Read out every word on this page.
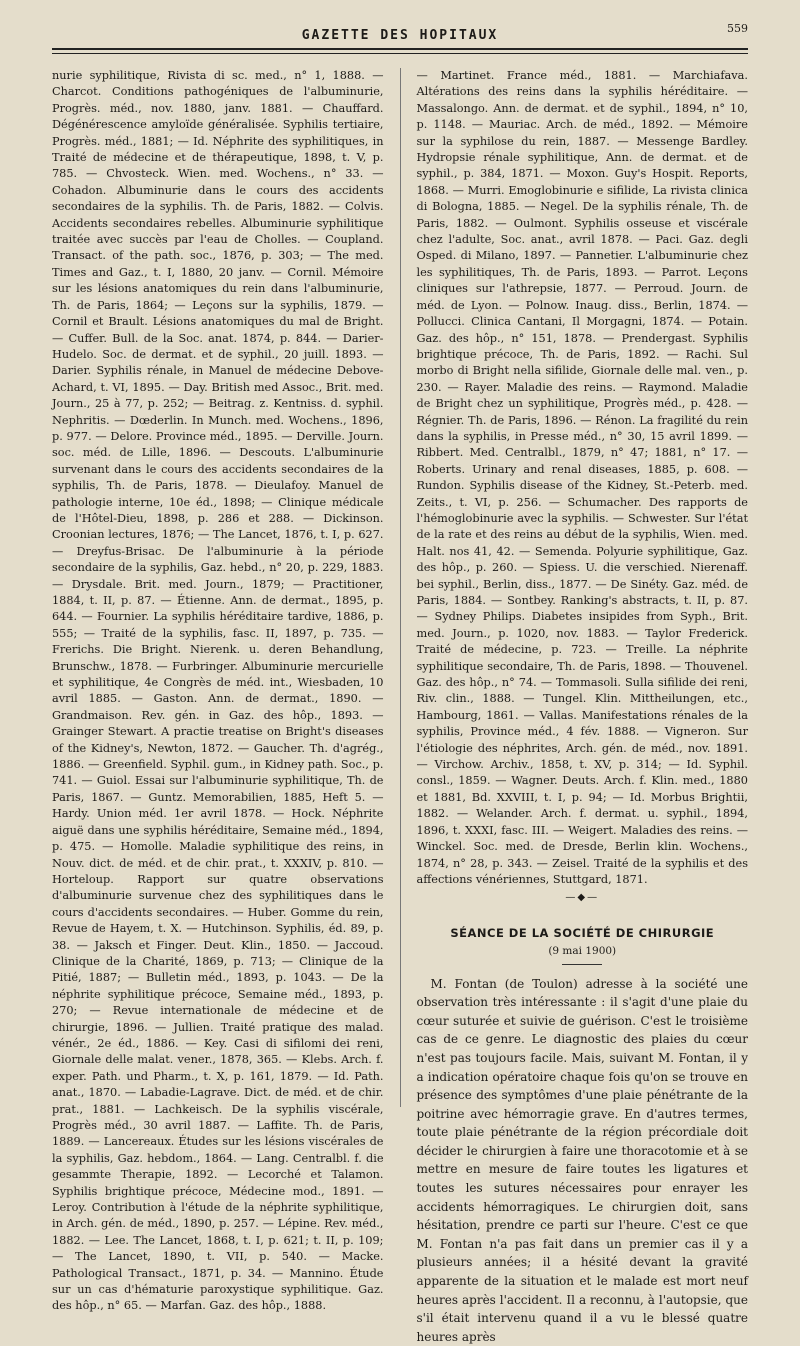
GAZETTE DES HOPITAUX	559

nurie syphilitique, Rivista di sc. med., n° 1, 1888. — Charcot. Conditions pathogéniques de l'albuminurie, Progrès. méd., nov. 1880, janv. 1881. — Chauffard. Dégénérescence amyloïde généralisée. Syphilis tertiaire, Progrès. méd., 1881; — Id. Néphrite des syphilitiques, in Traité de médecine et de thérapeutique, 1898, t. V, p. 785. — Chvosteck. Wien. med. Wochens., n° 33. — Cohadon. Albuminurie dans le cours des accidents secondaires de la syphilis. Th. de Paris, 1882. — Colvis. Accidents secondaires rebelles. Albuminurie syphilitique traitée avec succès par l'eau de Cholles. — Coupland. Transact. of the path. soc., 1876, p. 303; — The med. Times and Gaz., t. I, 1880, 20 janv. — Cornil. Mémoire sur les lésions anatomiques du rein dans l'albuminurie, Th. de Paris, 1864; — Leçons sur la syphilis, 1879. — Cornil et Brault. Lésions anatomiques du mal de Bright. — Cuffer. Bull. de la Soc. anat. 1874, p. 844. — Darier-Hudelo. Soc. de dermat. et de syphil., 20 juill. 1893. — Darier. Syphilis rénale, in Manuel de médecine Debove-Achard, t. VI, 1895. — Day. British med Assoc., Brit. med. Journ., 25 à 77, p. 252; — Beitrag. z. Kentniss. d. syphil. Nephritis. — Dœderlin. In Munch. med. Wochens., 1896, p. 977. — Delore. Province méd., 1895. — Derville. Journ. soc. méd. de Lille, 1896. — Descouts. L'albuminurie survenant dans le cours des accidents secondaires de la syphilis, Th. de Paris, 1878. — Dieulafoy. Manuel de pathologie interne, 10e éd., 1898; — Clinique médicale de l'Hôtel-Dieu, 1898, p. 286 et 288. — Dickinson. Croonian lectures, 1876; — The Lancet, 1876, t. I, p. 627. — Dreyfus-Brisac. De l'albuminurie à la période secondaire de la syphilis, Gaz. hebd., n° 20, p. 229, 1883. — Drysdale. Brit. med. Journ., 1879; — Practitioner, 1884, t. II, p. 87. — Étienne. Ann. de dermat., 1895, p. 644. — Fournier. La syphilis héréditaire tardive, 1886, p. 555; — Traité de la syphilis, fasc. II, 1897, p. 735. — Frerichs. Die Bright. Nierenk. u. deren Behandlung, Brunschw., 1878. — Furbringer. Albuminurie mercurielle et syphilitique, 4e Congrès de méd. int., Wiesbaden, 10 avril 1885. — Gaston. Ann. de dermat., 1890. — Grandmaison. Rev. gén. in Gaz. des hôp., 1893. — Grainger Stewart. A practie treatise on Bright's diseases of the Kidney's, Newton, 1872. — Gaucher. Th. d'agrég., 1886. — Greenfield. Syphil. gum., in Kidney path. Soc., p. 741. — Guiol. Essai sur l'albuminurie syphilitique, Th. de Paris, 1867. — Guntz. Memorabilien, 1885, Heft 5. — Hardy. Union méd. 1er avril 1878. — Hock. Néphrite aiguë dans une syphilis héréditaire, Semaine méd., 1894, p. 475. — Homolle. Maladie syphilitique des reins, in Nouv. dict. de méd. et de chir. prat., t. XXXIV, p. 810. — Horteloup. Rapport sur quatre observations d'albuminurie survenue chez des syphilitiques dans le cours d'accidents secondaires. — Huber. Gomme du rein, Revue de Hayem, t. X. — Hutchinson. Syphilis, éd. 89, p. 38. — Jaksch et Finger. Deut. Klin., 1850. — Jaccoud. Clinique de la Charité, 1869, p. 713; — Clinique de la Pitié, 1887; — Bulletin méd., 1893, p. 1043. — De la néphrite syphilitique précoce, Semaine méd., 1893, p. 270; — Revue internationale de médecine et de chirurgie, 1896. — Jullien. Traité pratique des malad. vénér., 2e éd., 1886. — Key. Casi di sifilomi dei reni, Giornale delle malat. vener., 1878, 365. — Klebs. Arch. f. exper. Path. und Pharm., t. X, p. 161, 1879. — Id. Path. anat., 1870. — Labadie-Lagrave. Dict. de méd. et de chir. prat., 1881. — Lachkeisch. De la syphilis viscérale, Progrès méd., 30 avril 1887. — Laffite. Th. de Paris, 1889. — Lancereaux. Études sur les lésions viscérales de la syphilis, Gaz. hebdom., 1864. — Lang. Centralbl. f. die gesammte Therapie, 1892. — Lecorché et Talamon. Syphilis brightique précoce, Médecine mod., 1891. — Leroy. Contribution à l'étude de la néphrite syphilitique, in Arch. gén. de méd., 1890, p. 257. — Lépine. Rev. méd., 1882. — Lee. The Lancet, 1868, t. I, p. 621; t. II, p. 109; — The Lancet, 1890, t. VII, p. 540. — Macke. Pathological Transact., 1871, p. 34. — Mannino. Étude sur un cas d'hématurie paroxystique syphilitique. Gaz. des hôp., n° 65. — Marfan. Gaz. des hôp., 1888.

— Martinet. France méd., 1881. — Marchiafava. Altérations des reins dans la syphilis héréditaire. — Massalongo. Ann. de dermat. et de syphil., 1894, n° 10, p. 1148. — Mauriac. Arch. de méd., 1892. — Mémoire sur la syphilose du rein, 1887. — Messenge Bardley. Hydropsie rénale syphilitique, Ann. de dermat. et de syphil., p. 384, 1871. — Moxon. Guy's Hospit. Reports, 1868. — Murri. Emoglobinurie e sifilide, La rivista clinica di Bologna, 1885. — Negel. De la syphilis rénale, Th. de Paris, 1882. — Oulmont. Syphilis osseuse et viscérale chez l'adulte, Soc. anat., avril 1878. — Paci. Gaz. degli Osped. di Milano, 1897. — Pannetier. L'albuminurie chez les syphilitiques, Th. de Paris, 1893. — Parrot. Leçons cliniques sur l'athrepsie, 1877. — Perroud. Journ. de méd. de Lyon. — Polnow. Inaug. diss., Berlin, 1874. — Pollucci. Clinica Cantani, Il Morgagni, 1874. — Potain. Gaz. des hôp., n° 151, 1878. — Prendergast. Syphilis brightique précoce, Th. de Paris, 1892. — Rachi. Sul morbo di Bright nella sifilide, Giornale delle mal. ven., p. 230. — Rayer. Maladie des reins. — Raymond. Maladie de Bright chez un syphilitique, Progrès méd., p. 428. — Régnier. Th. de Paris, 1896. — Rénon. La fragilité du rein dans la syphilis, in Presse méd., n° 30, 15 avril 1899. — Ribbert. Med. Centralbl., 1879, n° 47; 1881, n° 17. — Roberts. Urinary and renal diseases, 1885, p. 608. — Rundon. Syphilis disease of the Kidney, St.-Peterb. med. Zeits., t. VI, p. 256. — Schumacher. Des rapports de l'hémoglobinurie avec la syphilis. — Schwester. Sur l'état de la rate et des reins au début de la syphilis, Wien. med. Halt. nos 41, 42. — Semenda. Polyurie syphilitique, Gaz. des hôp., p. 260. — Spiess. U. die verschied. Nierenaff. bei syphil., Berlin, diss., 1877. — De Sinéty. Gaz. méd. de Paris, 1884. — Sontbey. Ranking's abstracts, t. II, p. 87. — Sydney Philips. Diabetes insipides from Syph., Brit. med. Journ., p. 1020, nov. 1883. — Taylor Frederick. Traité de médecine, p. 723. — Treille. La néphrite syphilitique secondaire, Th. de Paris, 1898. — Thouvenel. Gaz. des hôp., n° 74. — Tommasoli. Sulla sifilide dei reni, Riv. clin., 1888. — Tungel. Klin. Mittheilungen, etc., Hambourg, 1861. — Vallas. Manifestations rénales de la syphilis, Province méd., 4 fév. 1888. — Vigneron. Sur l'étiologie des néphrites, Arch. gén. de méd., nov. 1891. — Virchow. Archiv., 1858, t. XV, p. 314; — Id. Syphil. consl., 1859. — Wagner. Deuts. Arch. f. Klin. med., 1880 et 1881, Bd. XXVIII, t. I, p. 94; — Id. Morbus Brightii, 1882. — Welander. Arch. f. dermat. u. syphil., 1894, 1896, t. XXXI, fasc. III. — Weigert. Maladies des reins. — Winckel. Soc. med. de Dresde, Berlin klin. Wochens., 1874, n° 28, p. 343. — Zeisel. Traité de la syphilis et des affections vénériennes, Stuttgard, 1871.

—◆—
SÉANCE DE LA SOCIÉTÉ DE CHIRURGIE
(9 mai 1900)

M. Fontan (de Toulon) adresse à la société une observation très intéressante : il s'agit d'une plaie du cœur suturée et suivie de guérison. C'est le troisième cas de ce genre. Le diagnostic des plaies du cœur n'est pas toujours facile. Mais, suivant M. Fontan, il y a indication opératoire chaque fois qu'on se trouve en présence des symptômes d'une plaie pénétrante de la poitrine avec hémorragie grave. En d'autres termes, toute plaie pénétrante de la région précordiale doit décider le chirurgien à faire une thoracotomie et à se mettre en mesure de faire toutes les ligatures et toutes les sutures nécessaires pour enrayer les accidents hémorragiques. Le chirurgien doit, sans hésitation, prendre ce parti sur l'heure. C'est ce que M. Fontan n'a pas fait dans un premier cas il y a plusieurs années; il a hésité devant la gravité apparente de la situation et le malade est mort neuf heures après l'accident. Il a reconnu, à l'autopsie, que s'il était intervenu quand il a vu le blessé quatre heures après
